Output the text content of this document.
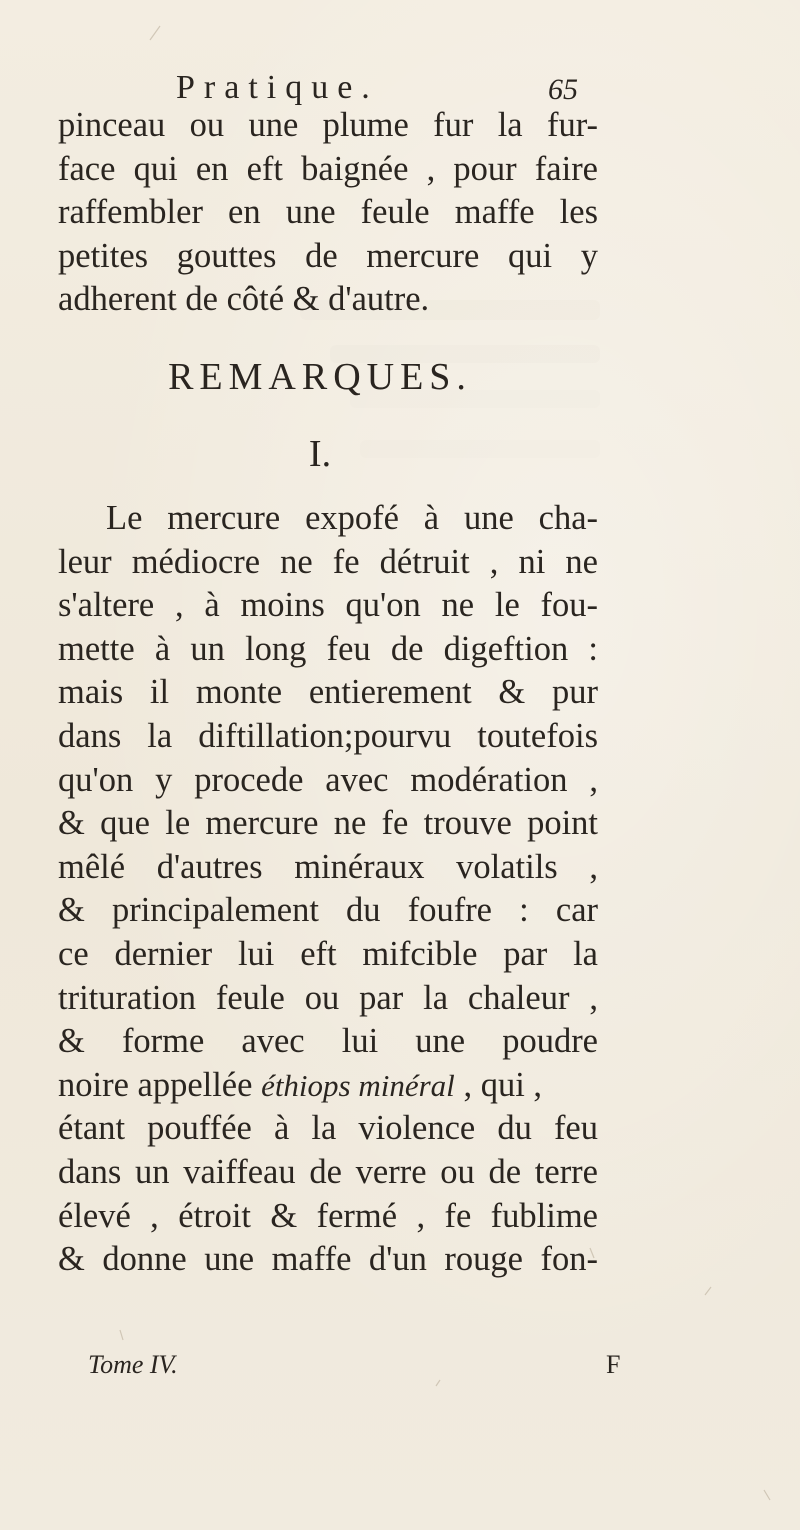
Pratique.	65
pinceau ou une plume fur la fur-
face qui en eft baignée , pour faire
raffembler en une feule maffe les
petites gouttes de mercure qui y
adherent de côté & d'autre.
REMARQUES.
I.
Le mercure expofé à une cha-
leur médiocre ne fe détruit , ni ne
s'altere , à moins qu'on ne le fou-
mette à un long feu de digeftion :
mais il monte entierement & pur
dans la diftillation;pourvu toutefois
qu'on y procede avec modération ,
& que le mercure ne fe trouve point
mêlé d'autres minéraux volatils ,
& principalement du foufre : car
ce dernier lui eft mifcible par la
trituration feule ou par la chaleur ,
& forme avec lui une poudre
noire appellée éthiops minéral , qui ,
étant pouffée à la violence du feu
dans un vaiffeau de verre ou de terre
élevé , étroit & fermé , fe fublime
& donne une maffe d'un rouge fon-
Tome IV.	F
